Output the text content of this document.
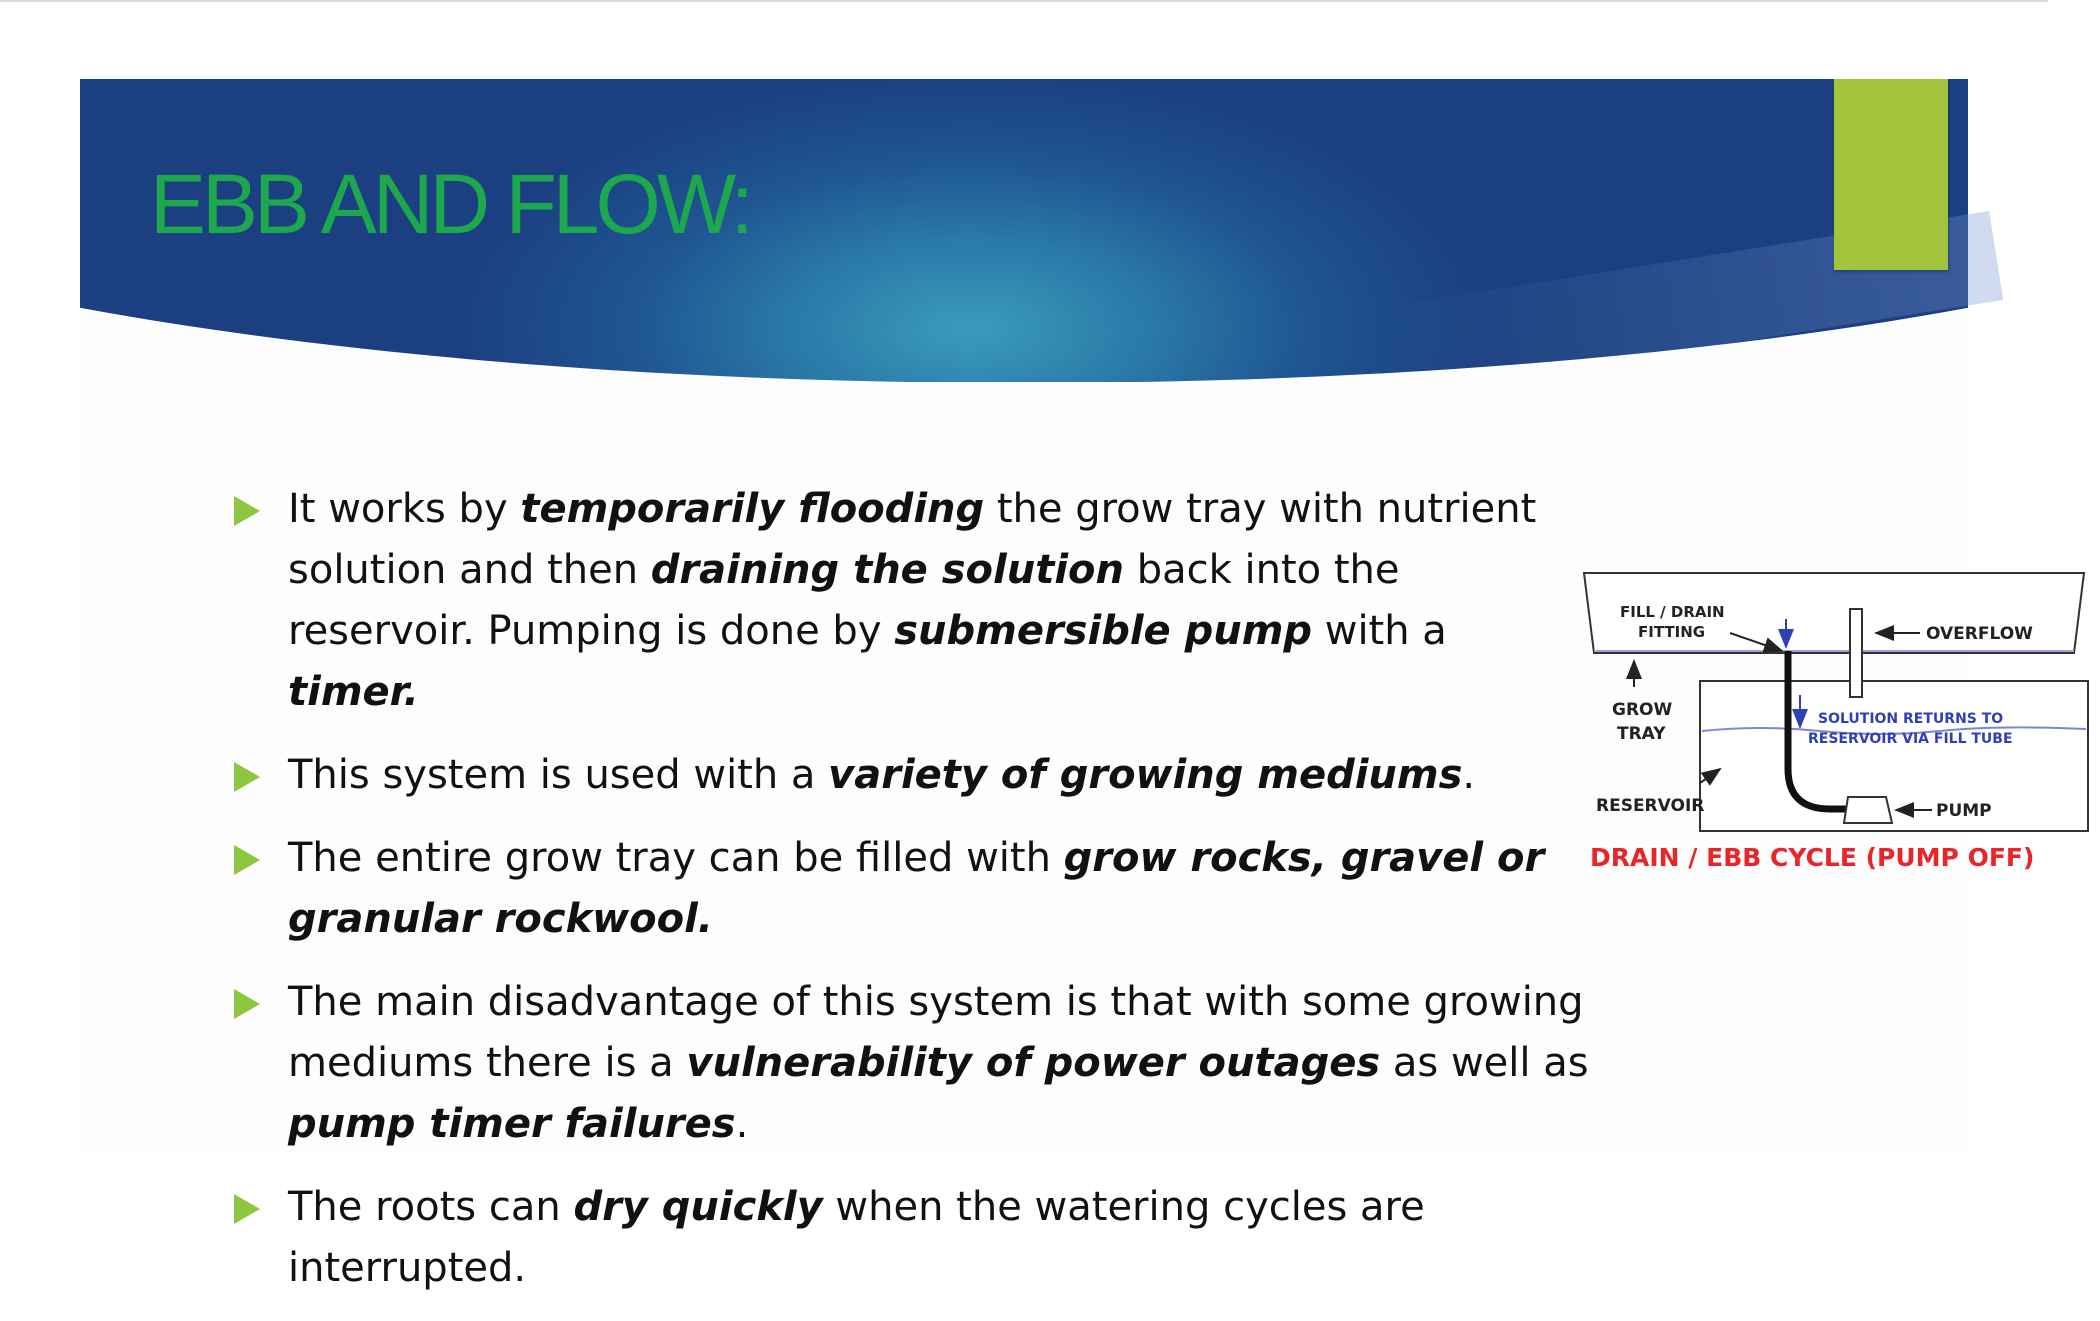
EBB AND FLOW:
It works by temporarily flooding the grow tray with nutrient solution and then draining the solution back into the reservoir. Pumping is done by submersible pump with a timer.
This system is used with a variety of growing mediums.
The entire grow tray can be filled with grow rocks, gravel or granular rockwool.
The main disadvantage of this system is that with some growing mediums there is a vulnerability of power outages as well as pump timer failures.
The roots can dry quickly when the watering cycles are interrupted.
FILL / DRAIN
FITTING	OVERFLOW
GROW
TRAY
SOLUTION RETURNS TO
RESERVOIR VIA FILL TUBE
RESERVOIR	PUMP
DRAIN / EBB CYCLE (PUMP OFF)
